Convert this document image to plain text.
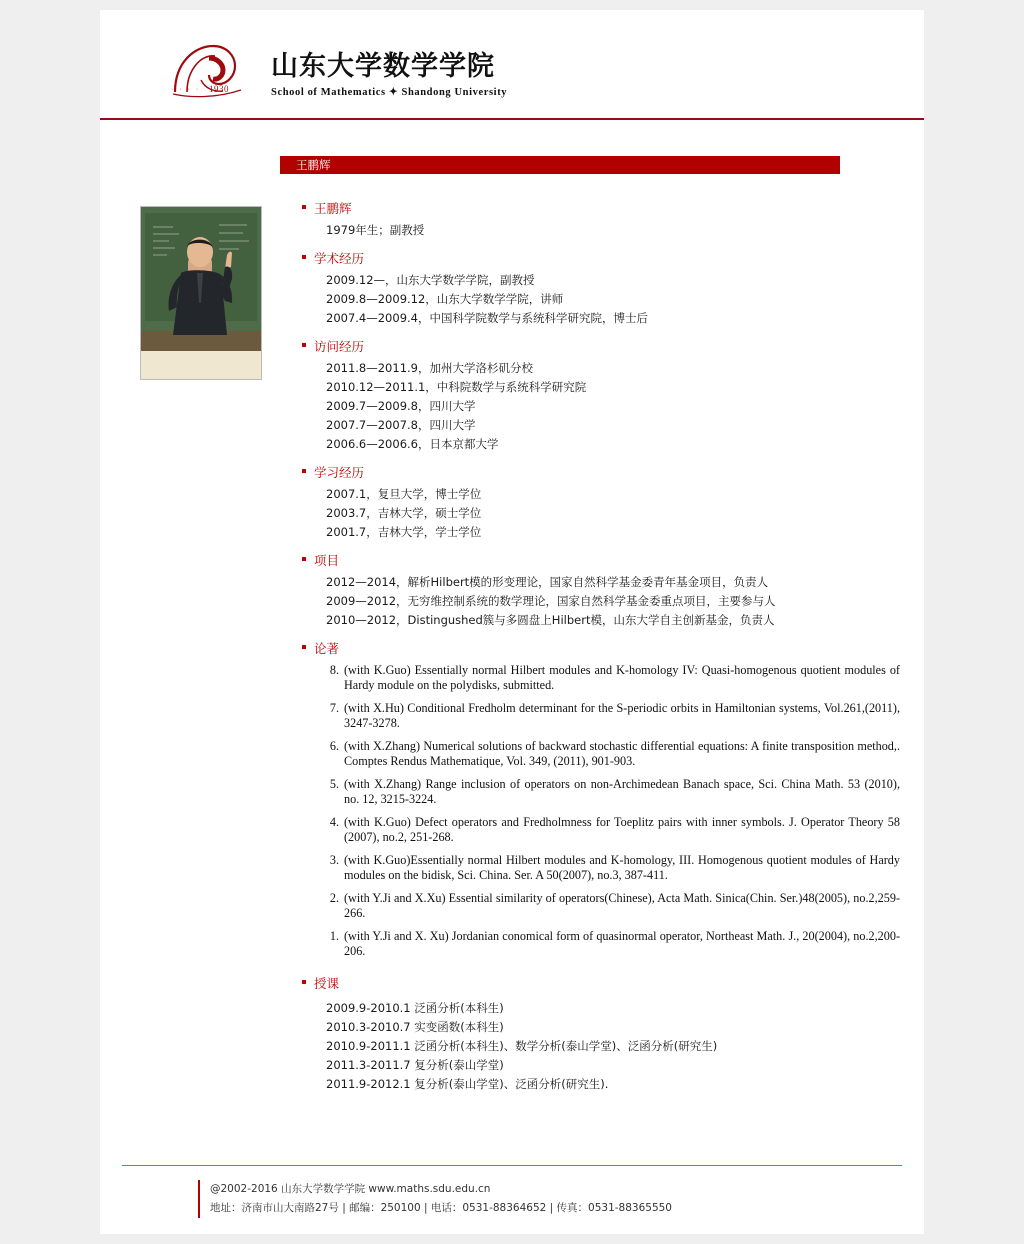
· · · · 1930
山东大学数学学院
School of Mathematics ✦ Shandong University
王鹏辉
王鹏辉
1979年生；副教授
学术经历
2009.12—，山东大学数学学院，副教授
2009.8—2009.12，山东大学数学学院，讲师
2007.4—2009.4，中国科学院数学与系统科学研究院，博士后
访问经历
2011.8—2011.9，加州大学洛杉矶分校
2010.12—2011.1，中科院数学与系统科学研究院
2009.7—2009.8，四川大学
2007.7—2007.8，四川大学
2006.6—2006.6，日本京都大学
学习经历
2007.1，复旦大学，博士学位
2003.7，吉林大学，硕士学位
2001.7，吉林大学，学士学位
项目
2012—2014，解析Hilbert模的形变理论，国家自然科学基金委青年基金项目，负责人
2009—2012，无穷维控制系统的数学理论，国家自然科学基金委重点项目，主要参与人
2010—2012，Distingushed簇与多圆盘上Hilbert模，山东大学自主创新基金，负责人
论著
8. (with K.Guo) Essentially normal Hilbert modules and K-homology IV: Quasi-homogenous quotient modules of Hardy module on the polydisks, submitted.
7. (with X.Hu) Conditional Fredholm determinant for the S-periodic orbits in Hamiltonian systems, Vol.261,(2011), 3247-3278.
6. (with X.Zhang) Numerical solutions of backward stochastic differential equations: A finite transposition method,. Comptes Rendus Mathematique, Vol. 349, (2011), 901-903.
5. (with X.Zhang) Range inclusion of operators on non-Archimedean Banach space, Sci. China Math. 53 (2010), no. 12, 3215-3224.
4. (with K.Guo) Defect operators and Fredholmness for Toeplitz pairs with inner symbols. J. Operator Theory 58 (2007), no.2, 251-268.
3. (with K.Guo)Essentially normal Hilbert modules and K-homology, III. Homogenous quotient modules of Hardy modules on the bidisk, Sci. China. Ser. A 50(2007), no.3, 387-411.
2. (with Y.Ji and X.Xu) Essential similarity of operators(Chinese), Acta Math. Sinica(Chin. Ser.)48(2005), no.2,259-266.
1. (with Y.Ji and X. Xu) Jordanian conomical form of quasinormal operator, Northeast Math. J., 20(2004), no.2,200-206.
授课
2009.9-2010.1 泛函分析(本科生)
2010.3-2010.7 实变函数(本科生)
2010.9-2011.1 泛函分析(本科生)、数学分析(泰山学堂)、泛函分析(研究生)
2011.3-2011.7 复分析(泰山学堂)
2011.9-2012.1 复分析(泰山学堂)、泛函分析(研究生).
@2002-2016 山东大学数学学院 www.maths.sdu.edu.cn
地址：济南市山大南路27号 | 邮编：250100 | 电话：0531-88364652 | 传真：0531-88365550
